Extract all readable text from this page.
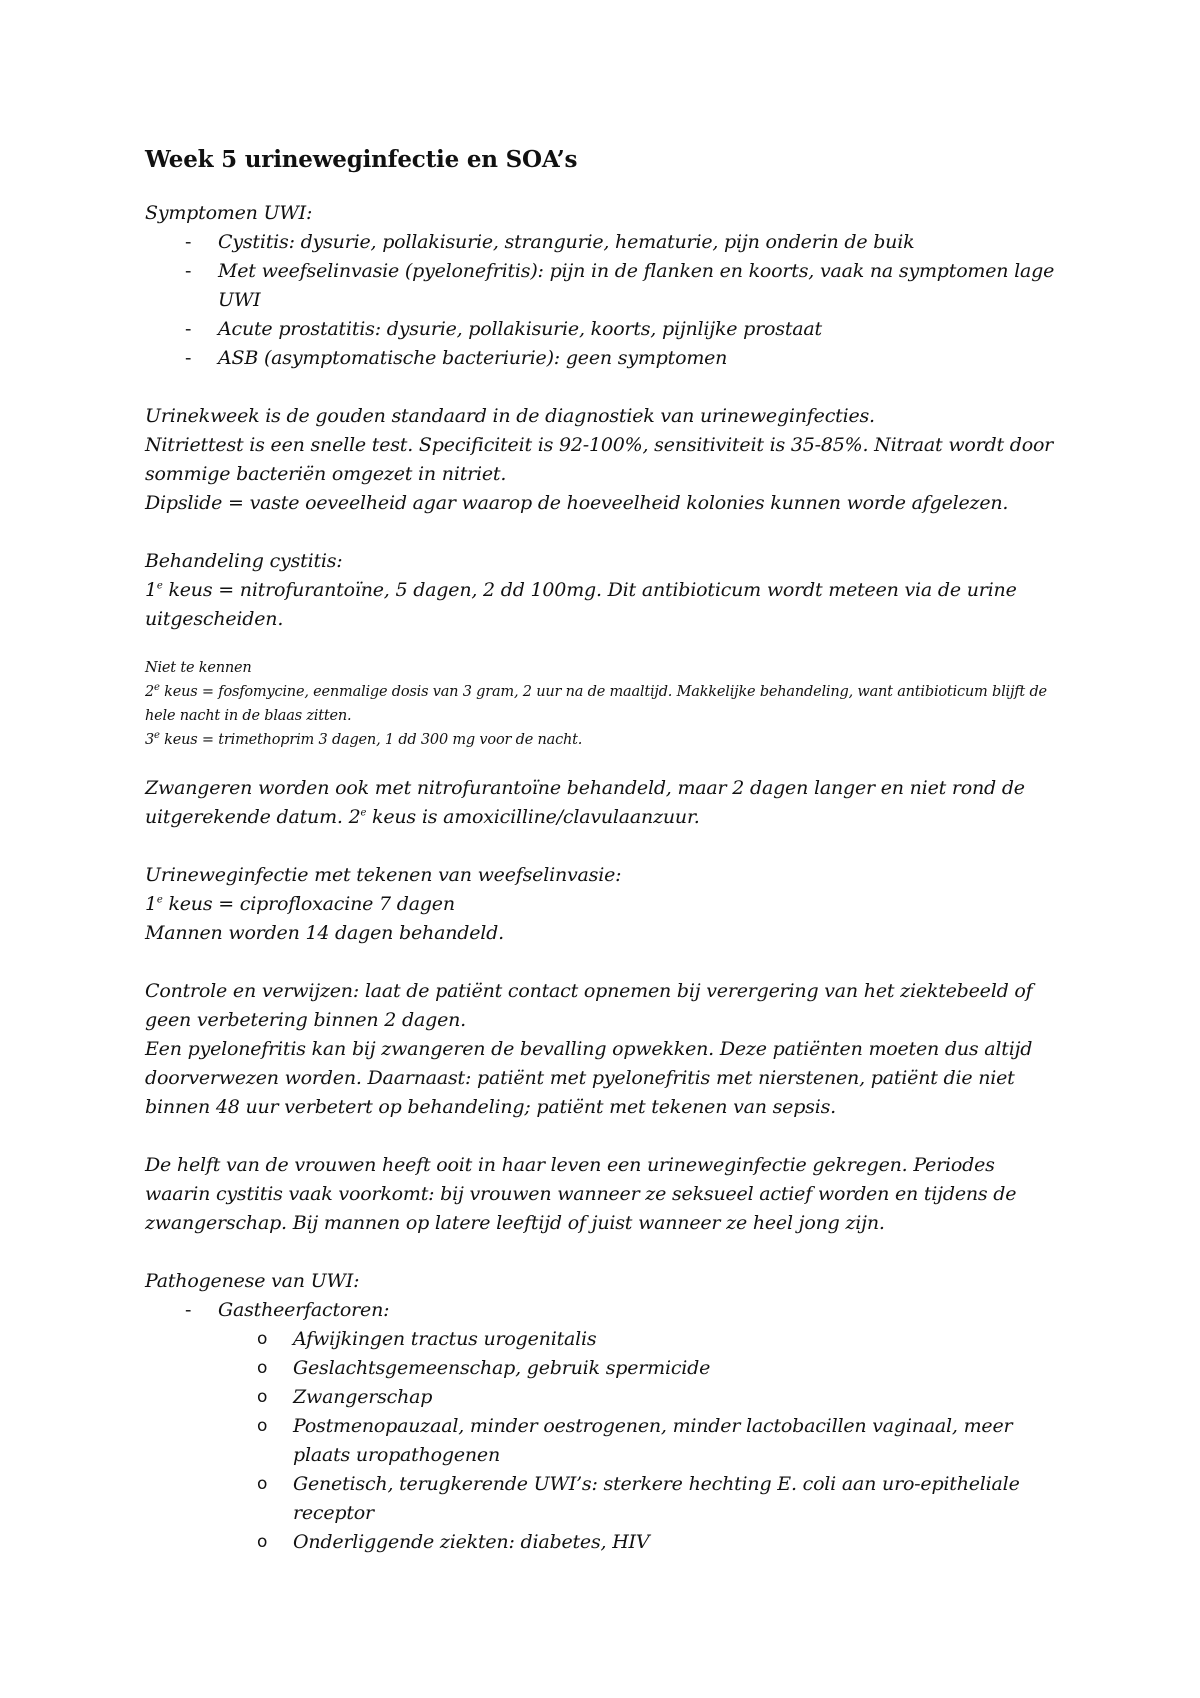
Week 5 urineweginfectie en SOA’s

Symptomen UWI:

- Cystitis: dysurie, pollakisurie, strangurie, hematurie, pijn onderin de buik
- Met weefselinvasie (pyelonefritis): pijn in de flanken en koorts, vaak na symptomen lage UWI
- Acute prostatitis: dysurie, pollakisurie, koorts, pijnlijke prostaat
- ASB (asymptomatische bacteriurie): geen symptomen

Urinekweek is de gouden standaard in de diagnostiek van urineweginfecties.

Nitriettest is een snelle test. Specificiteit is 92-100%, sensitiviteit is 35-85%. Nitraat wordt door sommige bacteriën omgezet in nitriet.

Dipslide = vaste oeveelheid agar waarop de hoeveelheid kolonies kunnen worde afgelezen.

Behandeling cystitis:

1e keus = nitrofurantoïne, 5 dagen, 2 dd 100mg. Dit antibioticum wordt meteen via de urine uitgescheiden.

Niet te kennen

2e keus = fosfomycine, eenmalige dosis van 3 gram, 2 uur na de maaltijd. Makkelijke behandeling, want antibioticum blijft de hele nacht in de blaas zitten.

3e keus = trimethoprim 3 dagen, 1 dd 300 mg voor de nacht.

Zwangeren worden ook met nitrofurantoïne behandeld, maar 2 dagen langer en niet rond de uitgerekende datum. 2e keus is amoxicilline/clavulaanzuur.

Urineweginfectie met tekenen van weefselinvasie:

1e keus = ciprofloxacine 7 dagen

Mannen worden 14 dagen behandeld.

Controle en verwijzen: laat de patiënt contact opnemen bij verergering van het ziektebeeld of geen verbetering binnen 2 dagen.

Een pyelonefritis kan bij zwangeren de bevalling opwekken. Deze patiënten moeten dus altijd doorverwezen worden. Daarnaast: patiënt met pyelonefritis met nierstenen, patiënt die niet binnen 48 uur verbetert op behandeling; patiënt met tekenen van sepsis.

De helft van de vrouwen heeft ooit in haar leven een urineweginfectie gekregen. Periodes waarin cystitis vaak voorkomt: bij vrouwen wanneer ze seksueel actief worden en tijdens de zwangerschap. Bij mannen op latere leeftijd of juist wanneer ze heel jong zijn.

Pathogenese van UWI:

- Gastheerfactoren:
o Afwijkingen tractus urogenitalis
o Geslachtsgemeenschap, gebruik spermicide
o Zwangerschap
o Postmenopauzaal, minder oestrogenen, minder lactobacillen vaginaal, meer plaats uropathogenen
o Genetisch, terugkerende UWI’s: sterkere hechting E. coli aan uro-epitheliale receptor
o Onderliggende ziekten: diabetes, HIV
